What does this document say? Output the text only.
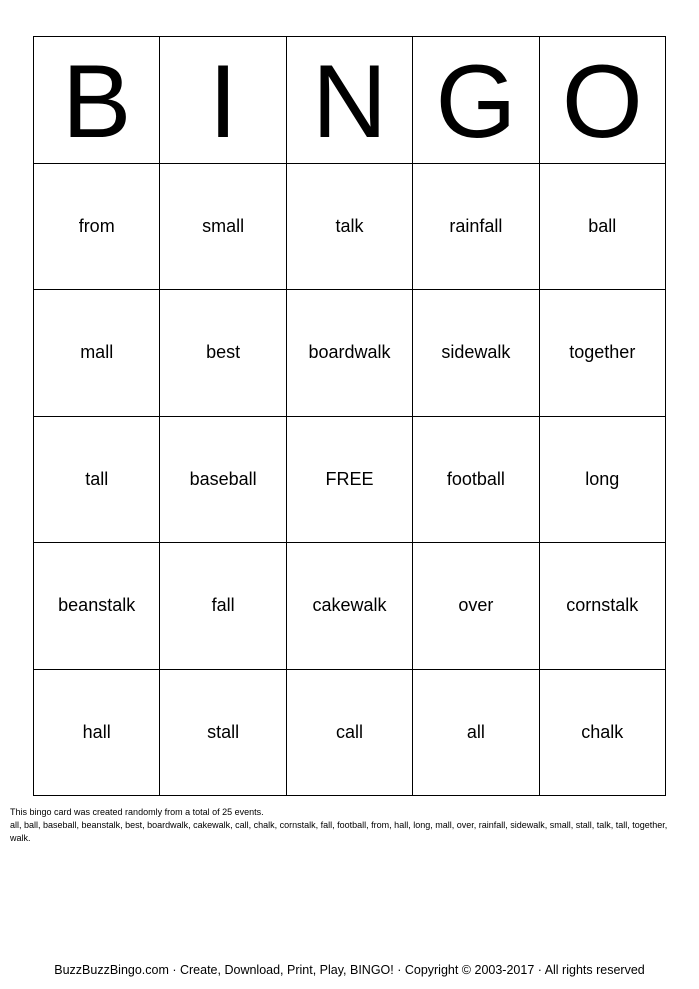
B I N G O
from	small	talk	rainfall	ball
mall	best	boardwalk	sidewalk	together
tall	baseball	FREE	football	long
beanstalk	fall	cakewalk	over	cornstalk
hall	stall	call	all	chalk
This bingo card was created randomly from a total of 25 events.
all, ball, baseball, beanstalk, best, boardwalk, cakewalk, call, chalk, cornstalk, fall, football, from, hall, long, mall, over, rainfall, sidewalk, small, stall, talk, tall, together, walk.
BuzzBuzzBingo.com · Create, Download, Print, Play, BINGO! · Copyright © 2003-2017 · All rights reserved
